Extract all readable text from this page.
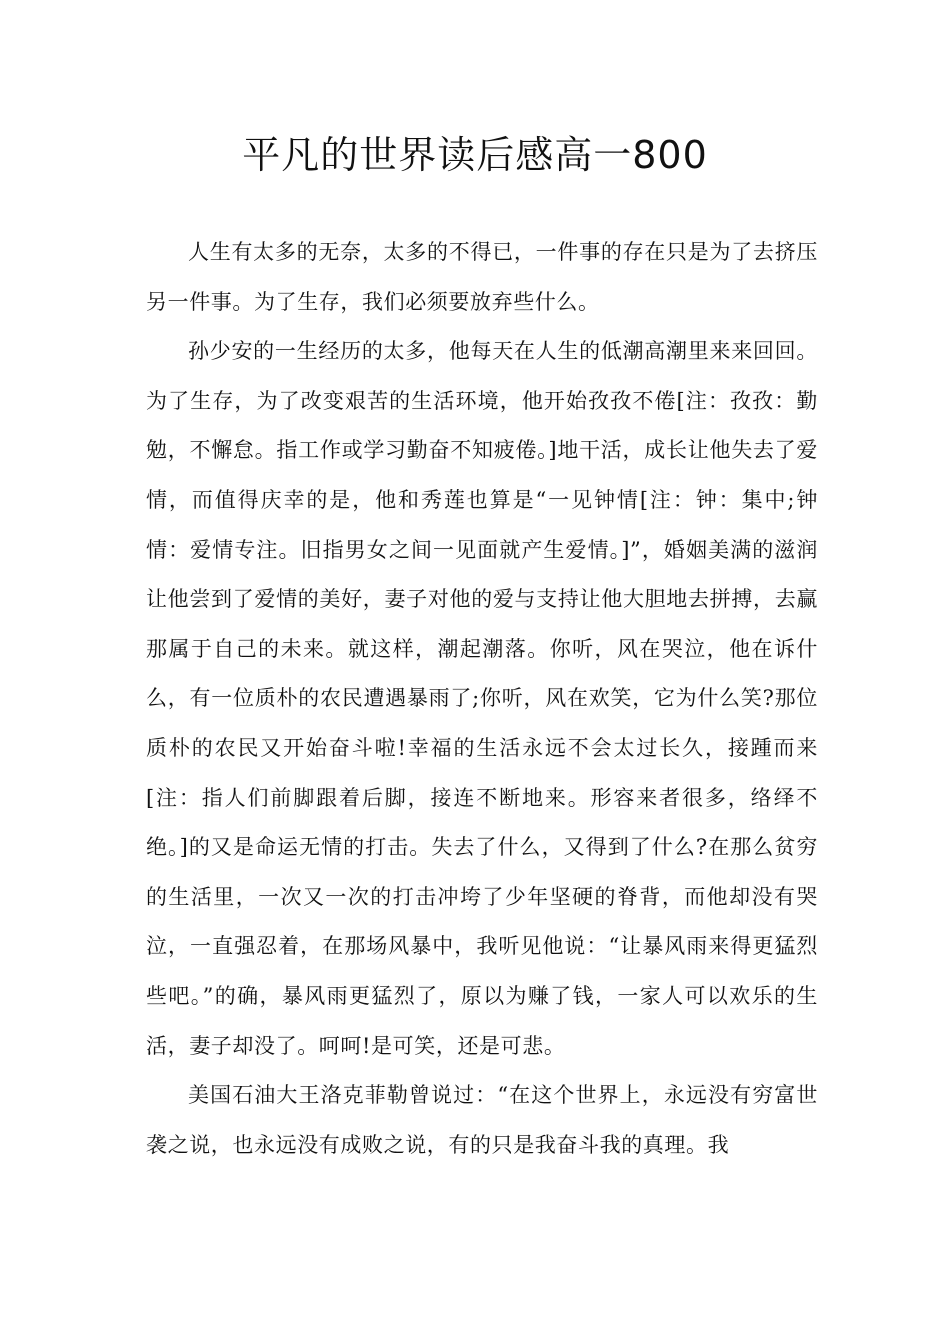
平凡的世界读后感高一800

人生有太多的无奈，太多的不得已，一件事的存在只是为了去挤压另一件事。为了生存，我们必须要放弃些什么。

孙少安的一生经历的太多，他每天在人生的低潮高潮里来来回回。为了生存，为了改变艰苦的生活环境，他开始孜孜不倦[注：孜孜：勤勉，不懈怠。指工作或学习勤奋不知疲倦。]地干活，成长让他失去了爱情，而值得庆幸的是，他和秀莲也算是“一见钟情[注：钟：集中;钟情：爱情专注。旧指男女之间一见面就产生爱情。]”，婚姻美满的滋润让他尝到了爱情的美好，妻子对他的爱与支持让他大胆地去拼搏，去赢那属于自己的未来。就这样，潮起潮落。你听，风在哭泣，他在诉什么，有一位质朴的农民遭遇暴雨了;你听，风在欢笑，它为什么笑?那位质朴的农民又开始奋斗啦!幸福的生活永远不会太过长久，接踵而来[注：指人们前脚跟着后脚，接连不断地来。形容来者很多，络绎不绝。]的又是命运无情的打击。失去了什么，又得到了什么?在那么贫穷的生活里，一次又一次的打击冲垮了少年坚硬的脊背，而他却没有哭泣，一直强忍着，在那场风暴中，我听见他说：“让暴风雨来得更猛烈些吧。”的确，暴风雨更猛烈了，原以为赚了钱，一家人可以欢乐的生活，妻子却没了。呵呵!是可笑，还是可悲。

美国石油大王洛克菲勒曾说过：“在这个世界上，永远没有穷富世袭之说，也永远没有成败之说，有的只是我奋斗我的真理。我
